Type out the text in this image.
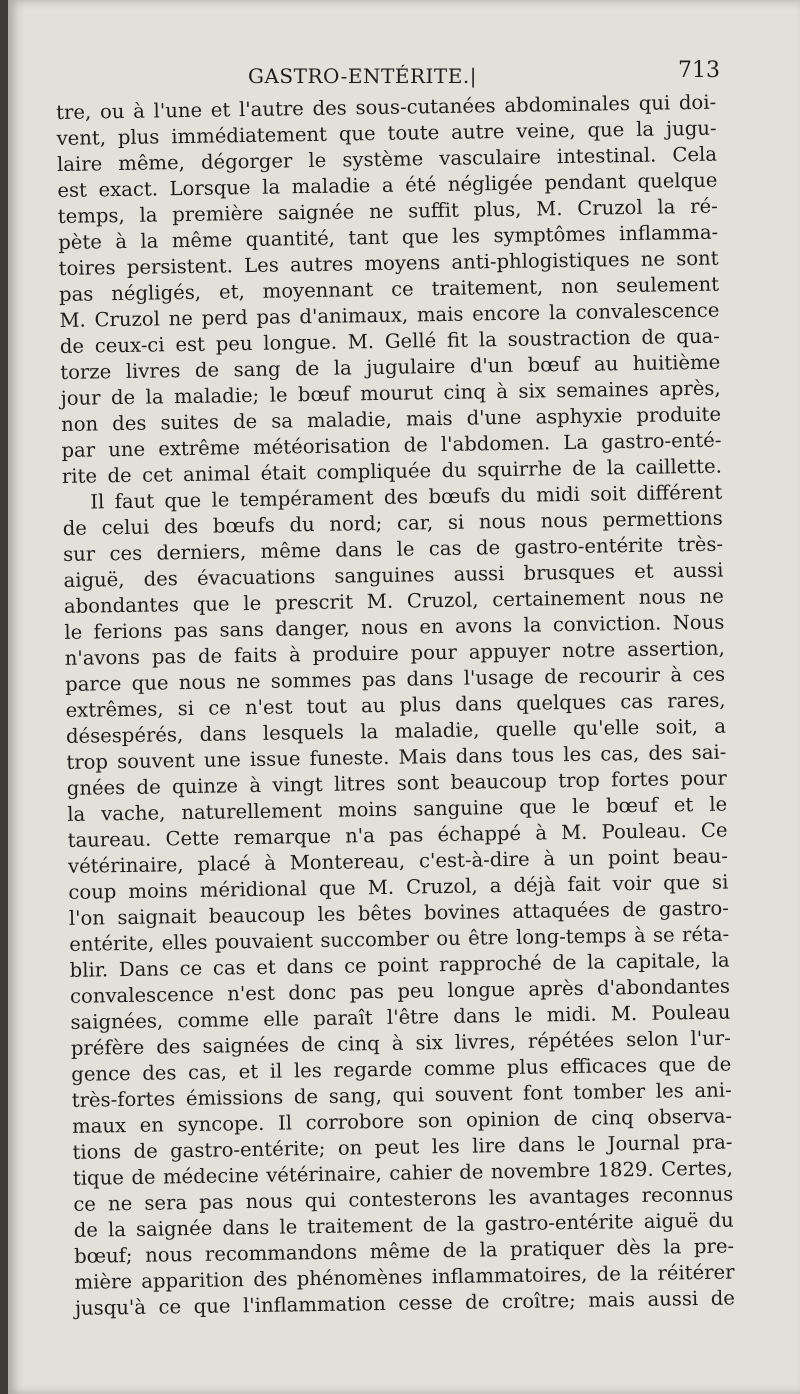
GASTRO-ENTÉRITE.|	713
tre, ou à l'une et l'autre des sous-cutanées abdominales qui doi-
vent, plus immédiatement que toute autre veine, que la jugu-
laire même, dégorger le système vasculaire intestinal. Cela
est exact. Lorsque la maladie a été négligée pendant quelque
temps, la première saignée ne suffit plus, M. Cruzol la ré-
pète à la même quantité, tant que les symptômes inflamma-
toires persistent. Les autres moyens anti-phlogistiques ne sont
pas négligés, et, moyennant ce traitement, non seulement
M. Cruzol ne perd pas d'animaux, mais encore la convalescence
de ceux-ci est peu longue. M. Gellé fit la soustraction de qua-
torze livres de sang de la jugulaire d'un bœuf au huitième
jour de la maladie; le bœuf mourut cinq à six semaines après,
non des suites de sa maladie, mais d'une asphyxie produite
par une extrême météorisation de l'abdomen. La gastro-enté-
rite de cet animal était compliquée du squirrhe de la caillette.
Il faut que le tempérament des bœufs du midi soit différent
de celui des bœufs du nord; car, si nous nous permettions
sur ces derniers, même dans le cas de gastro-entérite très-
aiguë, des évacuations sanguines aussi brusques et aussi
abondantes que le prescrit M. Cruzol, certainement nous ne
le ferions pas sans danger, nous en avons la conviction. Nous
n'avons pas de faits à produire pour appuyer notre assertion,
parce que nous ne sommes pas dans l'usage de recourir à ces
extrêmes, si ce n'est tout au plus dans quelques cas rares,
désespérés, dans lesquels la maladie, quelle qu'elle soit, a
trop souvent une issue funeste. Mais dans tous les cas, des sai-
gnées de quinze à vingt litres sont beaucoup trop fortes pour
la vache, naturellement moins sanguine que le bœuf et le
taureau. Cette remarque n'a pas échappé à M. Pouleau. Ce
vétérinaire, placé à Montereau, c'est-à-dire à un point beau-
coup moins méridional que M. Cruzol, a déjà fait voir que si
l'on saignait beaucoup les bêtes bovines attaquées de gastro-
entérite, elles pouvaient succomber ou être long-temps à se réta-
blir. Dans ce cas et dans ce point rapproché de la capitale, la
convalescence n'est donc pas peu longue après d'abondantes
saignées, comme elle paraît l'être dans le midi. M. Pouleau
préfère des saignées de cinq à six livres, répétées selon l'ur-
gence des cas, et il les regarde comme plus efficaces que de
très-fortes émissions de sang, qui souvent font tomber les ani-
maux en syncope. Il corrobore son opinion de cinq observa-
tions de gastro-entérite; on peut les lire dans le Journal pra-
tique de médecine vétérinaire, cahier de novembre 1829. Certes,
ce ne sera pas nous qui contesterons les avantages reconnus
de la saignée dans le traitement de la gastro-entérite aiguë du
bœuf; nous recommandons même de la pratiquer dès la pre-
mière apparition des phénomènes inflammatoires, de la réitérer
jusqu'à ce que l'inflammation cesse de croître; mais aussi de
